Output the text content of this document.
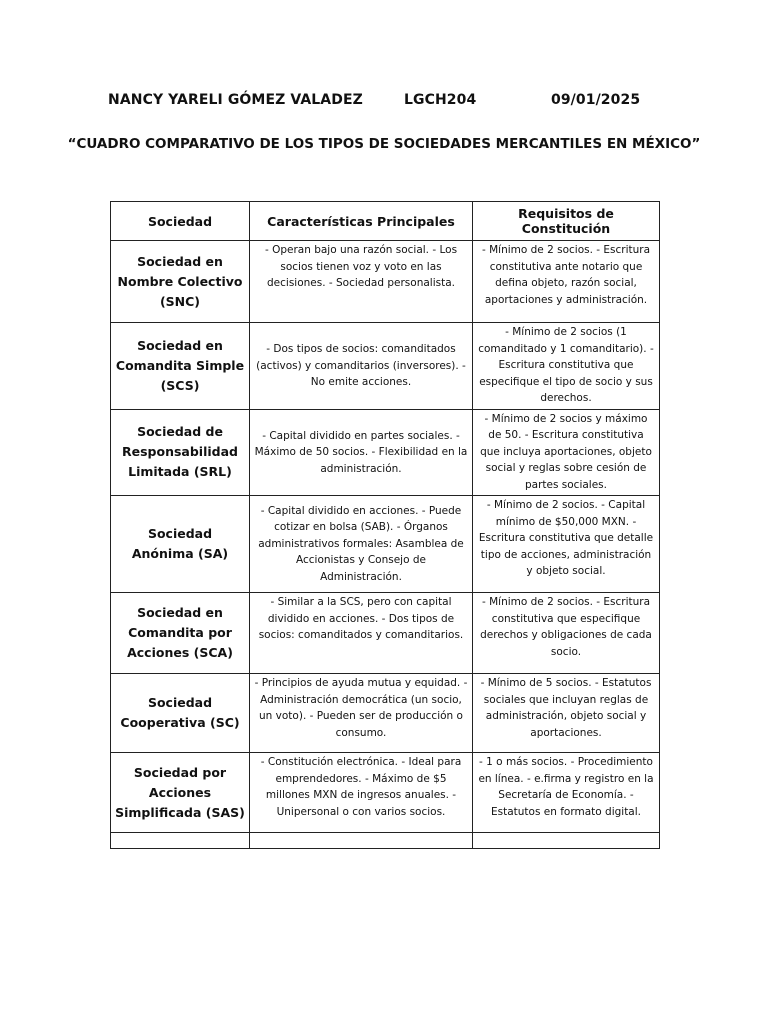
NANCY YARELI GÓMEZ VALADEZ	LGCH204	09/01/2025
“CUADRO COMPARATIVO DE LOS TIPOS DE SOCIEDADES MERCANTILES EN MÉXICO”
Sociedad	Características Principales	Requisitos de Constitución
Sociedad en Nombre Colectivo (SNC)	- Operan bajo una razón social. - Los socios tienen voz y voto en las decisiones. - Sociedad personalista.	- Mínimo de 2 socios. - Escritura constitutiva ante notario que defina objeto, razón social, aportaciones y administración.
Sociedad en Comandita Simple (SCS)	- Dos tipos de socios: comanditados (activos) y comanditarios (inversores). - No emite acciones.	- Mínimo de 2 socios (1 comanditado y 1 comanditario). - Escritura constitutiva que especifique el tipo de socio y sus derechos.
Sociedad de Responsabilidad Limitada (SRL)	- Capital dividido en partes sociales. - Máximo de 50 socios. - Flexibilidad en la administración.	- Mínimo de 2 socios y máximo de 50. - Escritura constitutiva que incluya aportaciones, objeto social y reglas sobre cesión de partes sociales.
Sociedad Anónima (SA)	- Capital dividido en acciones. - Puede cotizar en bolsa (SAB). - Órganos administrativos formales: Asamblea de Accionistas y Consejo de Administración.	- Mínimo de 2 socios. - Capital mínimo de $50,000 MXN. - Escritura constitutiva que detalle tipo de acciones, administración y objeto social.
Sociedad en Comandita por Acciones (SCA)	- Similar a la SCS, pero con capital dividido en acciones. - Dos tipos de socios: comanditados y comanditarios.	- Mínimo de 2 socios. - Escritura constitutiva que especifique derechos y obligaciones de cada socio.
Sociedad Cooperativa (SC)	- Principios de ayuda mutua y equidad. - Administración democrática (un socio, un voto). - Pueden ser de producción o consumo.	- Mínimo de 5 socios. - Estatutos sociales que incluyan reglas de administración, objeto social y aportaciones.
Sociedad por Acciones Simplificada (SAS)	- Constitución electrónica. - Ideal para emprendedores. - Máximo de $5 millones MXN de ingresos anuales. - Unipersonal o con varios socios.	- 1 o más socios. - Procedimiento en línea. - e.firma y registro en la Secretaría de Economía. - Estatutos en formato digital.
